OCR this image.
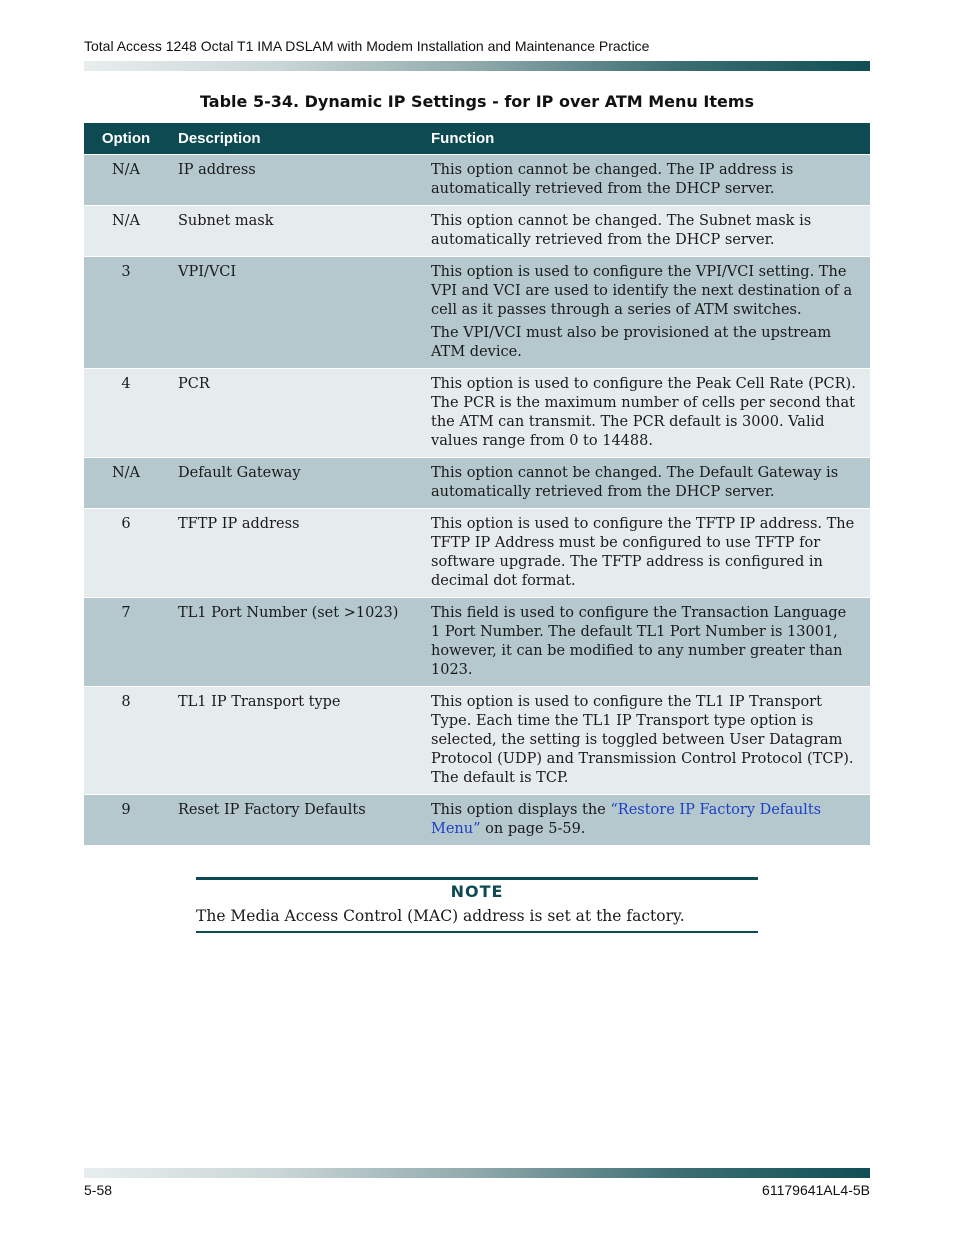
Total Access 1248 Octal T1 IMA DSLAM with Modem Installation and Maintenance Practice
Table 5-34. Dynamic IP Settings - for IP over ATM Menu Items
Option	Description	Function
N/A	IP address	This option cannot be changed. The IP address is automatically retrieved from the DHCP server.

N/A	Subnet mask	This option cannot be changed. The Subnet mask is automatically retrieved from the DHCP server.

3	VPI/VCI	This option is used to configure the VPI/VCI setting. The VPI and VCI are used to identify the next destination of a cell as it passes through a series of ATM switches.

The VPI/VCI must also be provisioned at the upstream ATM device.

4	PCR	This option is used to configure the Peak Cell Rate (PCR). The PCR is the maximum number of cells per second that the ATM can transmit. The PCR default is 3000. Valid values range from 0 to 14488.

N/A	Default Gateway	This option cannot be changed. The Default Gateway is automatically retrieved from the DHCP server.

6	TFTP IP address	This option is used to configure the TFTP IP address. The TFTP IP Address must be configured to use TFTP for software upgrade. The TFTP address is configured in decimal dot format.

7	TL1 Port Number (set >1023)	This field is used to configure the Transaction Language 1 Port Number. The default TL1 Port Number is 13001, however, it can be modified to any number greater than 1023.

8	TL1 IP Transport type	This option is used to configure the TL1 IP Transport Type. Each time the TL1 IP Transport type option is selected, the setting is toggled between User Datagram Protocol (UDP) and Transmission Control Protocol (TCP). The default is TCP.

9	Reset IP Factory Defaults	This option displays the “Restore IP Factory Defaults Menu” on page 5-59.

NOTE
The Media Access Control (MAC) address is set at the factory.
5-58	61179641AL4-5B
